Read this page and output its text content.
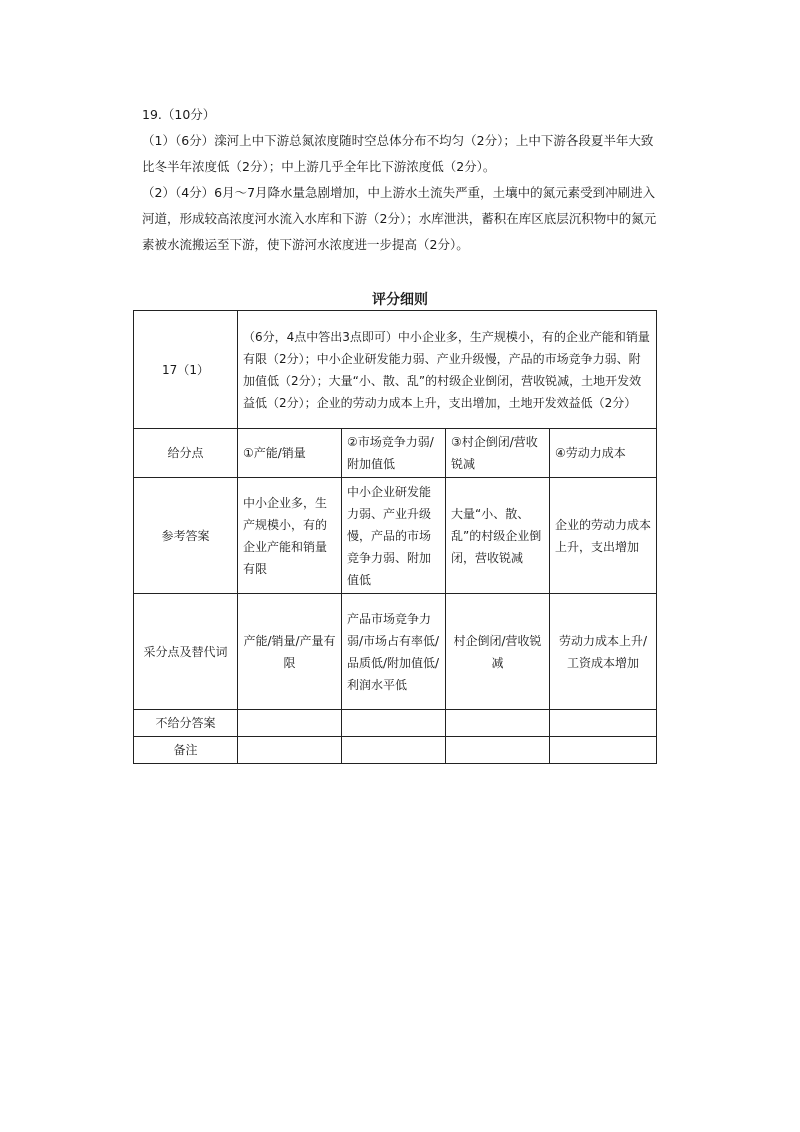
19.（10分）

（1）（6分）滦河上中下游总氮浓度随时空总体分布不均匀（2分）；上中下游各段夏半年大致比冬半年浓度低（2分）；中上游几乎全年比下游浓度低（2分）。

（2）（4分）6月～7月降水量急剧增加，中上游水土流失严重，土壤中的氮元素受到冲刷进入河道，形成较高浓度河水流入水库和下游（2分）；水库泄洪，蓄积在库区底层沉积物中的氮元素被水流搬运至下游，使下游河水浓度进一步提高（2分）。

评分细则
17（1）	（6分，4点中答出3点即可）中小企业多，生产规模小，有的企业产能和销量有限（2分）；中小企业研发能力弱、产业升级慢，产品的市场竞争力弱、附加值低（2分）；大量“小、散、乱”的村级企业倒闭，营收锐减，土地开发效益低（2分）；企业的劳动力成本上升，支出增加，土地开发效益低（2分）			
给分点	①产能/销量	②市场竞争力弱/附加值低	③村企倒闭/营收锐减	④劳动力成本
参考答案	中小企业多，生产规模小，有的企业产能和销量有限	中小企业研发能力弱、产业升级慢，产品的市场竞争力弱、附加值低	大量“小、散、乱”的村级企业倒闭，营收锐减	企业的劳动力成本上升，支出增加
采分点及替代词	产能/销量/产量有限	产品市场竞争力弱/市场占有率低/品质低/附加值低/利润水平低	村企倒闭/营收锐减	劳动力成本上升/工资成本增加
不给分答案				
备注				
